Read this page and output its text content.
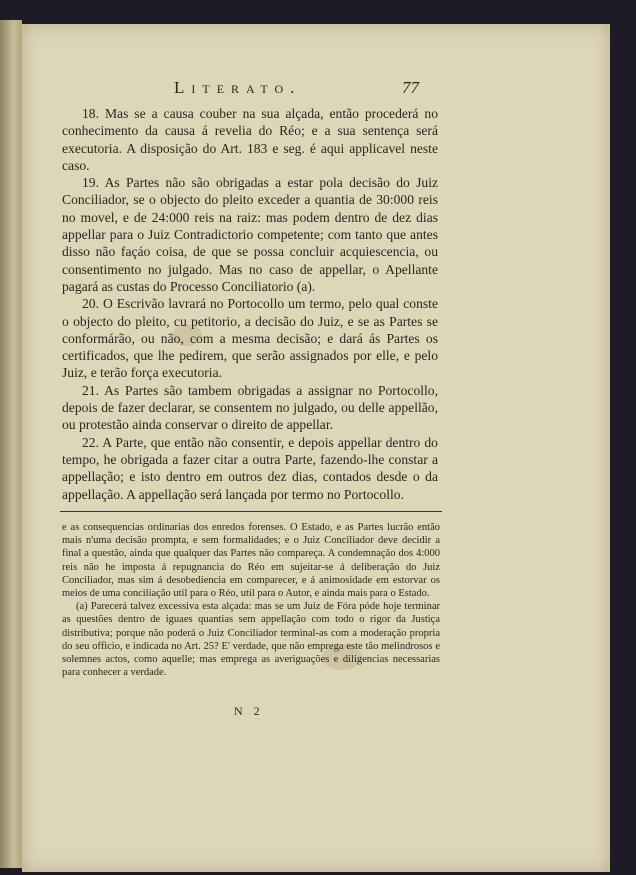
Literato.	77

18. Mas se a causa couber na sua alçada, então procederá no conhecimento da causa á revelia do Réo; e a sua sentença será executoria. A disposição do Art. 183 e seg. é aqui applicavel neste caso.

19. As Partes não são obrigadas a estar pola decisão do Juiz Conciliador, se o objecto do pleito exceder a quantia de 30:000 reis no movel, e de 24:000 reis na raiz: mas podem dentro de dez dias appellar para o Juiz Contradictorio competente; com tanto que antes disso não façáo coisa, de que se possa concluir acquiescencia, ou consentimento no julgado. Mas no caso de appellar, o Apellante pagará as custas do Processo Conciliatorio (a).

20. O Escrivão lavrará no Portocollo um termo, pelo qual conste o objecto do pleito, cu petitorio, a decisão do Juiz, e se as Partes se conformárão, ou não, com a mesma decisão; e dará ás Partes os certificados, que lhe pedirem, que serão assignados por elle, e pelo Juiz, e terão força executoria.

21. As Partes são tambem obrigadas a assignar no Portocollo, depois de fazer declarar, se consentem no julgado, ou delle appellão, ou protestão ainda conservar o direito de appellar.

22. A Parte, que então não consentir, e depois appellar dentro do tempo, he obrigada a fazer citar a outra Parte, fazendo-lhe constar a appellação; e isto dentro em outros dez dias, contados desde o da appellação. A appellação será lançada por termo no Portocollo.

e as consequencias ordinarias dos enredos forenses. O Estado, e as Partes lucrão então mais n'uma decisão prompta, e sem formalidades; e o Juiz Conciliador deve decidir a final a questão, ainda que qualquer das Partes não compareça. A condemnação dos 4:000 reis não he imposta á repugnancia do Réo em sujeitar-se á deliberação do Juiz Conciliador, mas sim á desobediencia em comparecer, e á animosidade em estorvar os meios de uma conciliação util para o Réo, util para o Autor, e ainda mais para o Estado.

(a) Parecerá talvez excessiva esta alçada: mas se um Juiz de Fóra póde hoje terminar as questões dentro de iguaes quantias sem appellação com todo o rigor da Justiça distributiva; porque não poderá o Juiz Conciliador terminal-as com a moderação propria do seu officio, e indicada no Art. 25? E' verdade, que não emprega este tão melindrosos e solemnes actos, como aquelle; mas emprega as averiguações e diligencias necessarias para conhecer a verdade.

N 2
